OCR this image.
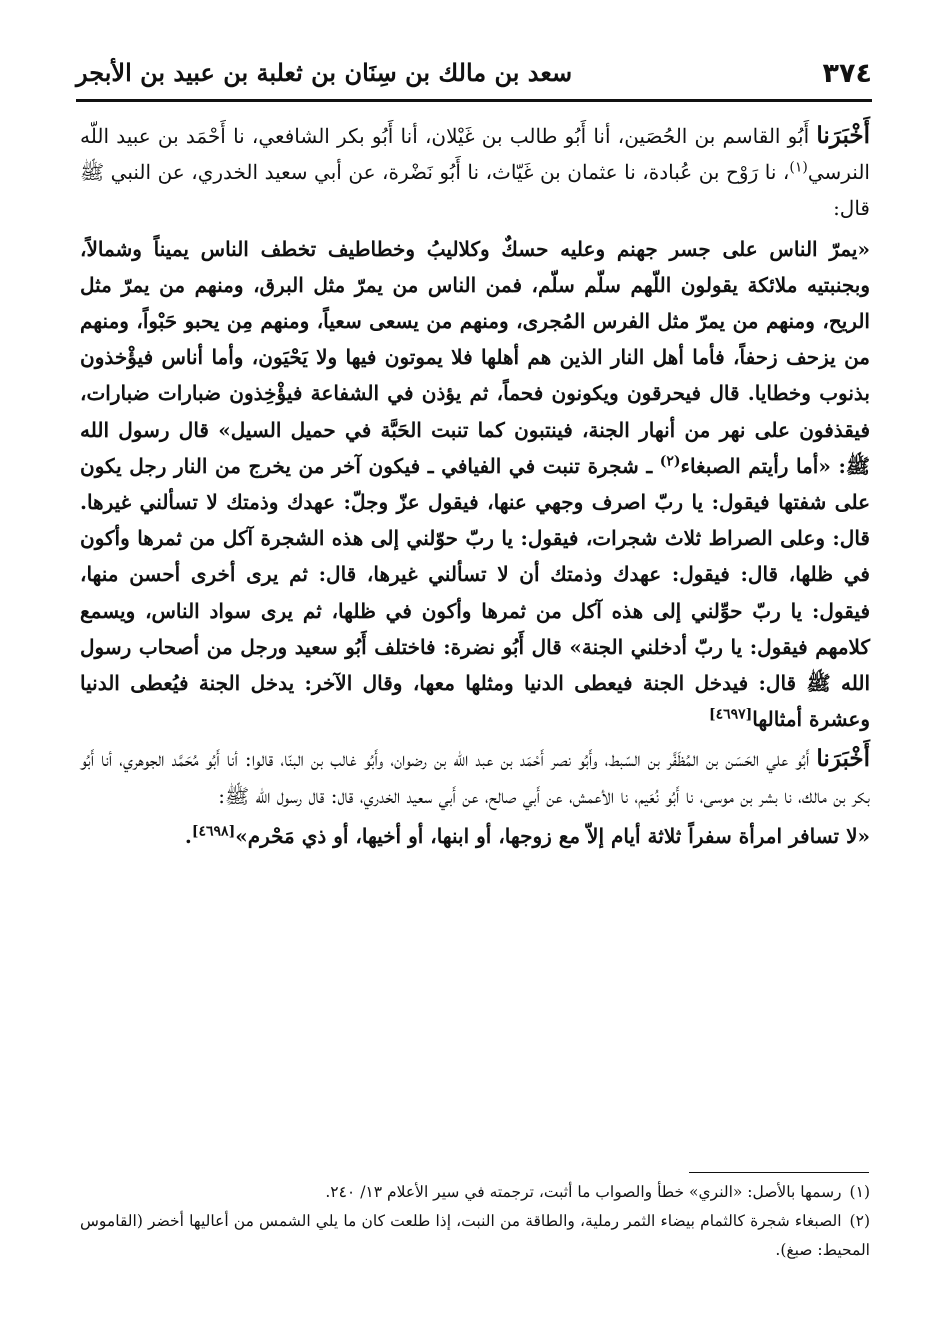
٣٧٤
سعد بن مالك بن سِنَان بن ثعلبة بن عبيد بن الأبجر

أَخْبَرَنا أَبُو القاسم بن الحُصَين، أنا أَبُو طالب بن غَيْلان، أنا أَبُو بكر الشافعي، نا أَحْمَد بن عبيد اللّه النرسي$^{(١)}$، نا رَوْح بن عُبادة، نا عثمان بن غَيّاث، نا أَبُو نَضْرة، عن أبي سعيد الخدري، عن النبي ﷺ قال:

«يمرّ الناس على جسر جهنم وعليه حسكٌ وكلاليبُ وخطاطيف تخطف الناس يميناً وشمالاً، وبجنبتيه ملائكة يقولون اللّهم سلّم سلّم، فمن الناس من يمرّ مثل البرق، ومنهم من يمرّ مثل الريح، ومنهم من يمرّ مثل الفرس المُجرى، ومنهم من يسعى سعياً، ومنهم مِن يحبو حَبْواً، ومنهم من يزحف زحفاً، فأما أهل النار الذين هم أهلها فلا يموتون فيها ولا يَحْيَون، وأما أناس فيؤْخذون بذنوب وخطايا. قال فيحرقون ويكونون فحماً، ثم يؤذن في الشفاعة فيؤْخِذون ضبارات ضبارات، فيقذفون على نهر من أنهار الجنة، فينتبون كما تنبت الحَبَّة في حميل السيل» قال رسول الله ﷺ: «أما رأيتم الصبغاء$^{(٢)}$ ـ شجرة تنبت في الفيافي ـ فيكون آخر من يخرج من النار رجل يكون على شفتها فيقول: يا ربّ اصرف وجهي عنها، فيقول عزّ وجلّ: عهدك وذمتك لا تسألني غيرها. قال: وعلى الصراط ثلاث شجرات، فيقول: يا ربّ حوّلني إلى هذه الشجرة آكل من ثمرها وأكون في ظلها، قال: فيقول: عهدك وذمتك أن لا تسألني غيرها، قال: ثم يرى أخرى أحسن منها، فيقول: يا ربّ حوِّلني إلى هذه آكل من ثمرها وأكون في ظلها، ثم يرى سواد الناس، ويسمع كلامهم فيقول: يا ربّ أدخلني الجنة» قال أَبُو نضرة: فاختلف أَبُو سعيد ورجل من أصحاب رسول الله ﷺ قال: فيدخل الجنة فيعطى الدنيا ومثلها معها، وقال الآخر: يدخل الجنة فيُعطى الدنيا وعشرة أمثالها[٤٦٩٧]

أَخْبَرَنا أَبُو علي الحَسَن بن المُظَفَّر بن السّبط، وأَبُو نصر أَحْمَد بن عبد اللّه بن رضوان، وأَبُو غالب بن البنّا، قالوا: أنا أَبُو مُحَمَّد الجوهري، أنا أَبُو بكر بن مالك، نا بشر بن موسى، نا أَبُو نُعَيم، نا الأعمش، عن أَبي صالح، عن أَبي سعيد الخدري، قال: قال رسول الله ﷺ:

«لا تسافر امرأة سفراً ثلاثة أيام إلاّ مع زوجها، أو ابنها، أو أخيها، أو ذي مَحْرم»[٤٦٩٨].

(١)رسمها بالأصل: «النري» خطأ والصواب ما أثبت، ترجمته في سير الأعلام ١٣/ ٢٤٠.

(٢)الصبغاء شجرة كالثمام بيضاء الثمر رملية، والطاقة من النبت، إذا طلعت كان ما يلي الشمس من أعاليها أخضر (القاموس المحيط: صبغ).
